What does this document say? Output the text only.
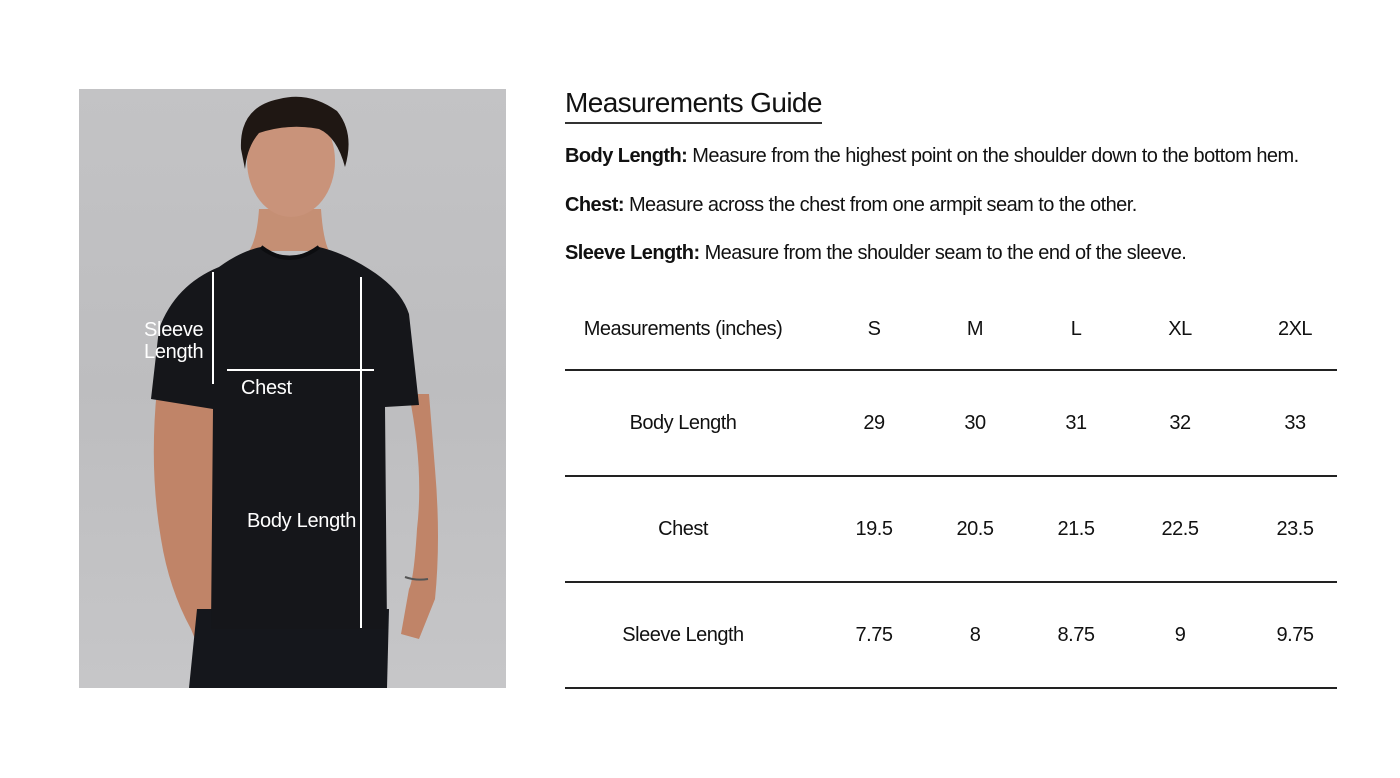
Sleeve
Length
Chest
Body Length
Measurements Guide
Body Length: Measure from the highest point on the shoulder down to the bottom hem.
Chest: Measure across the chest from one armpit seam to the other.
Sleeve Length: Measure from the shoulder seam to the end of the sleeve.
Measurements (inches)	S	M	L	XL	2XL
Body Length	29	30	31	32	33
Chest	19.5	20.5	21.5	22.5	23.5
Sleeve Length	7.75	8	8.75	9	9.75
